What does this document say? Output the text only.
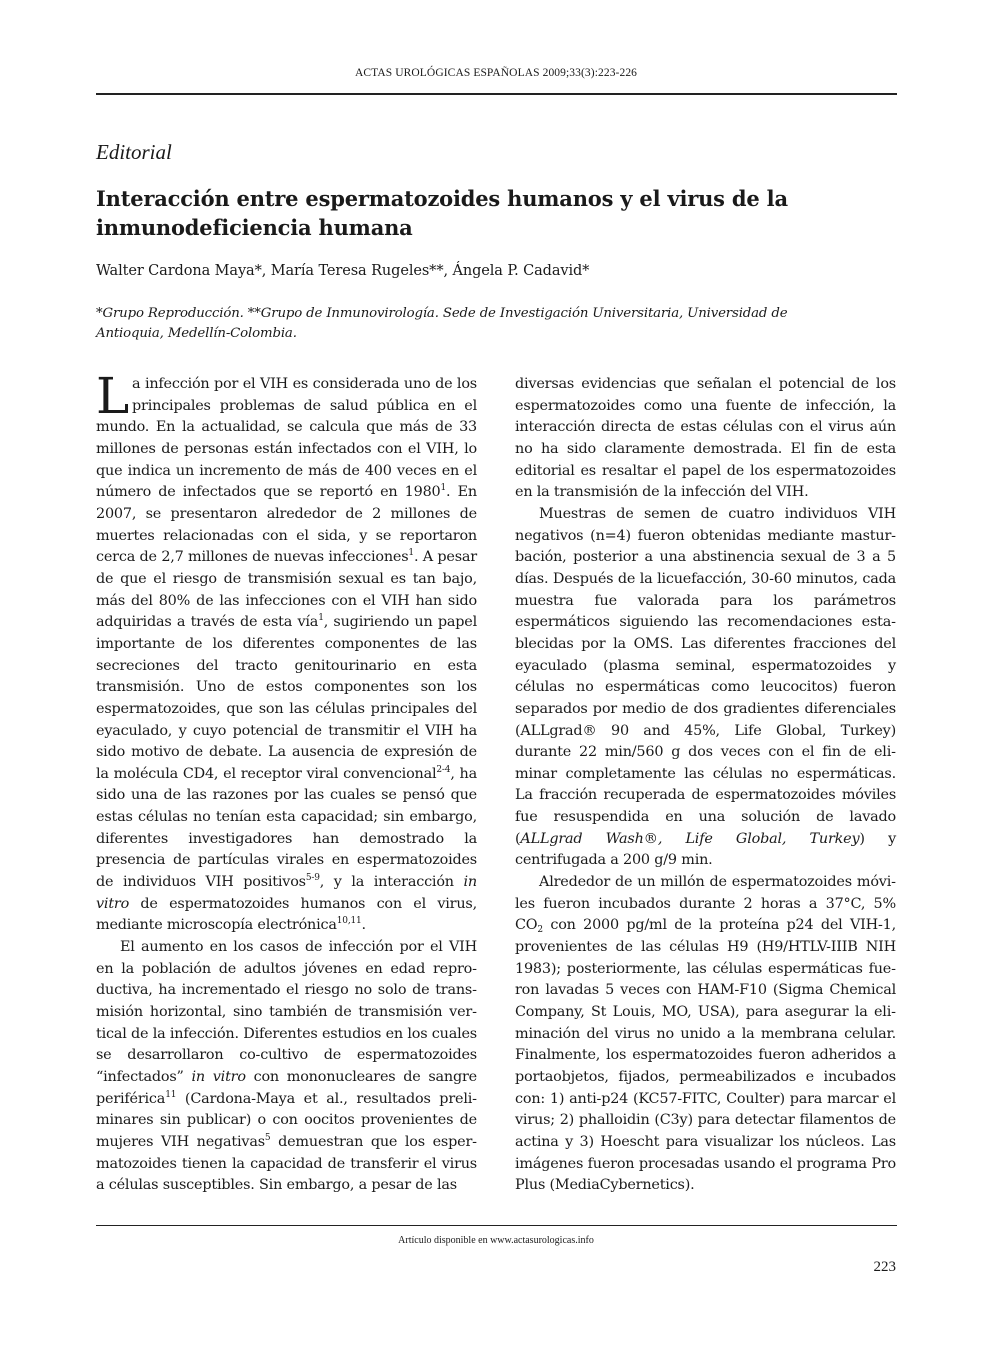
ACTAS UROLÓGICAS ESPAÑOLAS 2009;33(3):223-226
Editorial
Interacción entre espermatozoides humanos y el virus de la inmunodeficiencia humana
Walter Cardona Maya*, María Teresa Rugeles**, Ángela P. Cadavid*
*Grupo Reproducción. **Grupo de Inmunovirología. Sede de Investigación Universitaria, Universidad de Antioquia, Medellín-Colombia.

La infección por el VIH es considerada uno de los principales problemas de salud pública en el mundo. En la actualidad, se calcula que más de 33 millones de personas están infectados con el VIH, lo que indica un incremento de más de 400 veces en el número de infectados que se reportó en 1980$^1$. En 2007, se presentaron alrededor de 2 millones de muertes relacionadas con el sida, y se reportaron cerca de 2,7 millones de nuevas infecciones$^1$. A pesar de que el riesgo de transmisión sexual es tan bajo, más del 80% de las infecciones con el VIH han sido adquiridas a través de esta vía$^1$, sugiriendo un papel importante de los diferentes componentes de las secreciones del tracto genitourinario en esta transmisión. Uno de estos componentes son los espermatozoides, que son las células principales del eyaculado, y cuyo potencial de transmitir el VIH ha sido motivo de debate. La ausencia de expresión de la molécula CD4, el receptor viral convencional$^{2-4}$, ha sido una de las razones por las cuales se pensó que estas células no tenían esta capacidad; sin embargo, diferentes investigadores han demostrado la presencia de partículas virales en espermatozoides de individuos VIH positivos$^{5-9}$, y la interacción in vitro de espermatozoides humanos con el virus, mediante microscopía electrónica$^{10,11}$.

El aumento en los casos de infección por el VIH en la población de adultos jóvenes en edad reproductiva, ha incrementado el riesgo no solo de transmisión horizontal, sino también de transmisión vertical de la infección. Diferentes estudios en los cuales se desarrollaron co-cultivo de espermatozoides “infectados” in vitro con mononucleares de sangre periférica$^{11}$ (Cardona-Maya et al., resultados preliminares sin publicar) o con oocitos provenientes de mujeres VIH negativas$^5$ demuestran que los espermatozoides tienen la capacidad de transferir el virus a células susceptibles. Sin embargo, a pesar de las

diversas evidencias que señalan el potencial de los espermatozoides como una fuente de infección, la interacción directa de estas células con el virus aún no ha sido claramente demostrada. El fin de esta editorial es resaltar el papel de los espermatozoides en la transmisión de la infección del VIH.

Muestras de semen de cuatro individuos VIH negativos (n=4) fueron obtenidas mediante masturbación, posterior a una abstinencia sexual de 3 a 5 días. Después de la licuefacción, 30-60 minutos, cada muestra fue valorada para los parámetros espermáticos siguiendo las recomendaciones establecidas por la OMS. Las diferentes fracciones del eyaculado (plasma seminal, espermatozoides y células no espermáticas como leucocitos) fueron separados por medio de dos gradientes diferenciales (ALLgrad® 90 and 45%, Life Global, Turkey) durante 22 min/560 g dos veces con el fin de eliminar completamente las células no espermáticas. La fracción recuperada de espermatozoides móviles fue resuspendida en una solución de lavado (ALLgrad Wash®, Life Global, Turkey) y centrifugada a 200 g/9 min.

Alrededor de un millón de espermatozoides móviles fueron incubados durante 2 horas a 37°C, 5% $CO_2$ con 2000 pg/ml de la proteína p24 del VIH-1, provenientes de las células H9 (H9/HTLV-IIIB NIH 1983); posteriormente, las células espermáticas fueron lavadas 5 veces con HAM-F10 (Sigma Chemical Company, St Louis, MO, USA), para asegurar la eliminación del virus no unido a la membrana celular. Finalmente, los espermatozoides fueron adheridos a portaobjetos, fijados, permeabilizados e incubados con: 1) anti-p24 (KC57-FITC, Coulter) para marcar el virus; 2) phalloidin (C3y) para detectar filamentos de actina y 3) Hoescht para visualizar los núcleos. Las imágenes fueron procesadas usando el programa Pro Plus (MediaCybernetics).

Artículo disponible en www.actasurologicas.info
223
